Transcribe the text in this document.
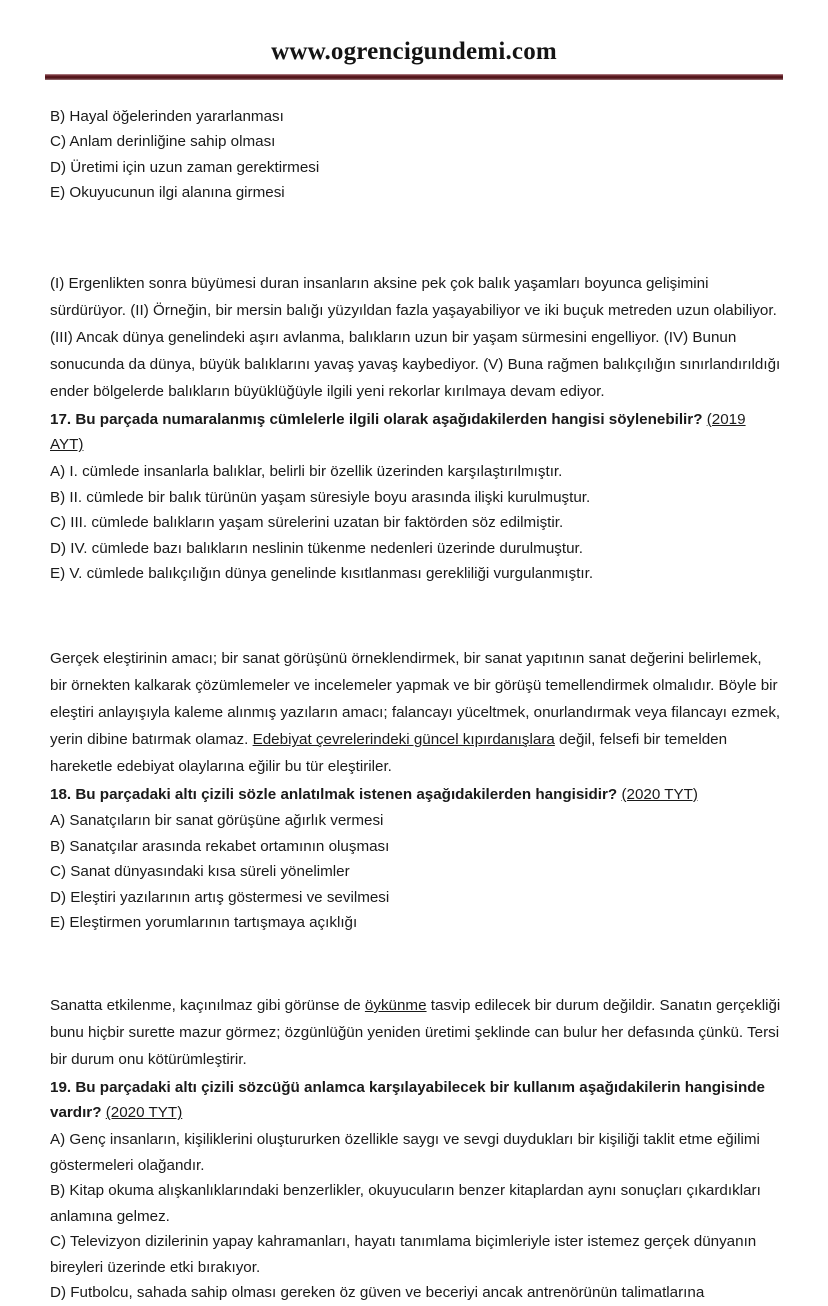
www.ogrencigundemi.com
B) Hayal öğelerinden yararlanması
C) Anlam derinliğine sahip olması
D) Üretimi için uzun zaman gerektirmesi
E) Okuyucunun ilgi alanına girmesi
(I) Ergenlikten sonra büyümesi duran insanların aksine pek çok balık yaşamları boyunca gelişimini sürdürüyor. (II) Örneğin, bir mersin balığı yüzyıldan fazla yaşayabiliyor ve iki buçuk metreden uzun olabiliyor. (III) Ancak dünya genelindeki aşırı avlanma, balıkların uzun bir yaşam sürmesini engelliyor. (IV) Bunun sonucunda da dünya, büyük balıklarını yavaş yavaş kaybediyor. (V) Buna rağmen balıkçılığın sınırlandırıldığı ender bölgelerde balıkların büyüklüğüyle ilgili yeni rekorlar kırılmaya devam ediyor.
17. Bu parçada numaralanmış cümlelerle ilgili olarak aşağıdakilerden hangisi söylenebilir? (2019 AYT)
A) I. cümlede insanlarla balıklar, belirli bir özellik üzerinden karşılaştırılmıştır.
B) II. cümlede bir balık türünün yaşam süresiyle boyu arasında ilişki kurulmuştur.
C) III. cümlede balıkların yaşam sürelerini uzatan bir faktörden söz edilmiştir.
D) IV. cümlede bazı balıkların neslinin tükenme nedenleri üzerinde durulmuştur.
E) V. cümlede balıkçılığın dünya genelinde kısıtlanması gerekliliği vurgulanmıştır.
Gerçek eleştirinin amacı; bir sanat görüşünü örneklendirmek, bir sanat yapıtının sanat değerini belirlemek, bir örnekten kalkarak çözümlemeler ve incelemeler yapmak ve bir görüşü temellendirmek olmalıdır. Böyle bir eleştiri anlayışıyla kaleme alınmış yazıların amacı; falancayı yüceltmek, onurlandırmak veya filancayı ezmek, yerin dibine batırmak olamaz. Edebiyat çevrelerindeki güncel kıpırdanışlara değil, felsefi bir temelden hareketle edebiyat olaylarına eğilir bu tür eleştiriler.
18. Bu parçadaki altı çizili sözle anlatılmak istenen aşağıdakilerden hangisidir? (2020 TYT)
A) Sanatçıların bir sanat görüşüne ağırlık vermesi
B) Sanatçılar arasında rekabet ortamının oluşması
C) Sanat dünyasındaki kısa süreli yönelimler
D) Eleştiri yazılarının artış göstermesi ve sevilmesi
E) Eleştirmen yorumlarının tartışmaya açıklığı
Sanatta etkilenme, kaçınılmaz gibi görünse de öykünme tasvip edilecek bir durum değildir. Sanatın gerçekliği bunu hiçbir surette mazur görmez; özgünlüğün yeniden üretimi şeklinde can bulur her defasında çünkü. Tersi bir durum onu kötürümleştirir.
19. Bu parçadaki altı çizili sözcüğü anlamca karşılayabilecek bir kullanım aşağıdakilerin hangisinde vardır? (2020 TYT)
A) Genç insanların, kişiliklerini oluştururken özellikle saygı ve sevgi duydukları bir kişiliği taklit etme eğilimi göstermeleri olağandır.
B) Kitap okuma alışkanlıklarındaki benzerlikler, okuyucuların benzer kitaplardan aynı sonuçları çıkardıkları anlamına gelmez.
C) Televizyon dizilerinin yapay kahramanları, hayatı tanımlama biçimleriyle ister istemez gerçek dünyanın bireyleri üzerinde etki bırakıyor.
D) Futbolcu, sahada sahip olması gereken öz güven ve beceriyi ancak antrenörünün talimatlarına
